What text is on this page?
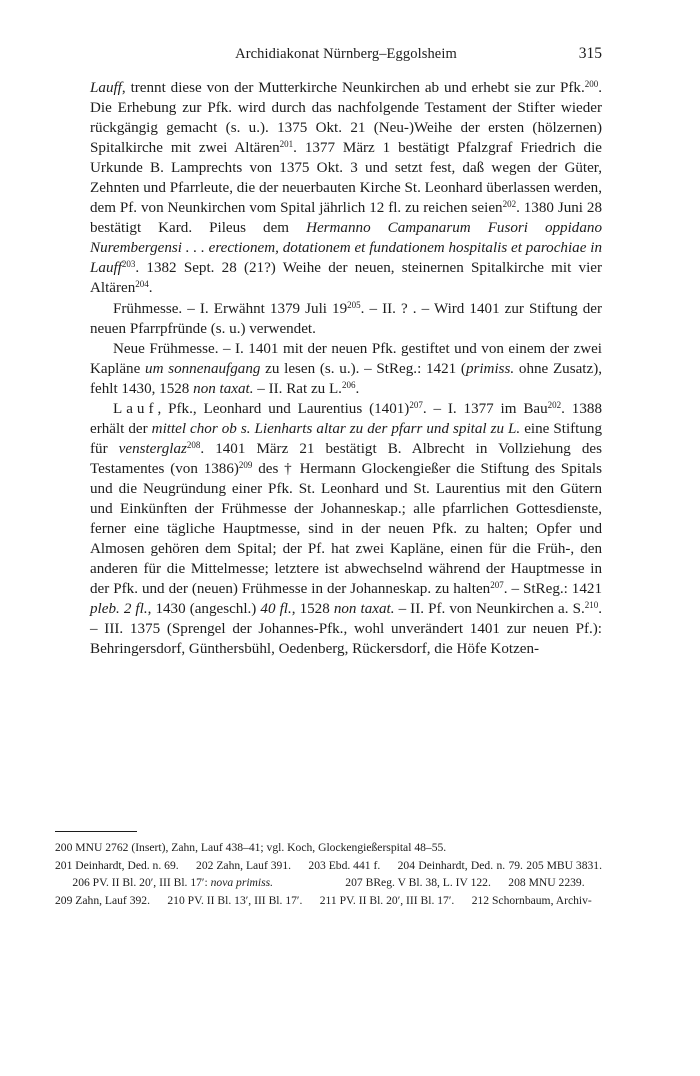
Archidiakonat Nürnberg–Eggolsheim	315

Lauff, trennt diese von der Mutterkirche Neunkirchen ab und erhebt sie zur Pfk.$^{200}$. Die Erhebung zur Pfk. wird durch das nachfolgende Testament der Stifter wieder rückgängig gemacht (s. u.). 1375 Okt. 21 (Neu-)Weihe der ersten (hölzernen) Spitalkirche mit zwei Altären$^{201}$. 1377 März 1 bestätigt Pfalzgraf Friedrich die Urkunde B. Lamprechts von 1375 Okt. 3 und setzt fest, daß wegen der Güter, Zehnten und Pfarrleute, die der neuerbauten Kirche St. Leonhard überlassen werden, dem Pf. von Neunkirchen vom Spital jährlich 12 fl. zu reichen seien$^{202}$. 1380 Juni 28 bestätigt Kard. Pileus dem Hermanno Campanarum Fusori oppidano Nurembergensi . . . erectionem, dotationem et fundationem hospitalis et parochiae in Lauff$^{203}$. 1382 Sept. 28 (21?) Weihe der neuen, steinernen Spitalkirche mit vier Altären$^{204}$.

Frühmesse. – I. Erwähnt 1379 Juli $19^{205}$. – II. ? . – Wird 1401 zur Stiftung der neuen Pfarrpfründe (s. u.) verwendet.

Neue Frühmesse. – I. 1401 mit der neuen Pfk. gestiftet und von einem der zwei Kapläne um sonnenaufgang zu lesen (s. u.). – StReg.: 1421 (primiss. ohne Zusatz), fehlt 1430, 1528 non taxat. – II. Rat zu L.$^{206}$.

Lauf, Pfk., Leonhard und Laurentius $(1401)^{207}$. – I. 1377 im Bau$^{202}$. 1388 erhält der mittel chor ob s. Lienharts altar zu der pfarr und spital zu L. eine Stiftung für vensterglaz$^{208}$. 1401 März 21 bestätigt B. Albrecht in Vollziehung des Testamentes (von 1386)$^{209}$ des † Hermann Glockengießer die Stiftung des Spitals und die Neugründung einer Pfk. St. Leonhard und St. Laurentius mit den Gütern und Einkünften der Frühmesse der Johanneskap.; alle pfarrlichen Gottesdienste, ferner eine tägliche Hauptmesse, sind in der neuen Pfk. zu halten; Opfer und Almosen gehören dem Spital; der Pf. hat zwei Kapläne, einen für die Früh-, den anderen für die Mittelmesse; letztere ist abwechselnd während der Hauptmesse in der Pfk. und der (neuen) Frühmesse in der Johanneskap. zu halten$^{207}$. – StReg.: 1421 pleb. 2 fl., 1430 (angeschl.) 40 fl., 1528 non taxat. – II. Pf. von Neunkirchen a. S.$^{210}$. – III. 1375 (Sprengel der Johannes-Pfk., wohl unverändert 1401 zur neuen Pf.): Behringersdorf, Günthersbühl, Oedenberg, Rückersdorf, die Höfe Kotzen-

200 MNU 2762 (Insert), Zahn, Lauf 438–41; vgl. Koch, Glockengießerspital 48–55.

201 Deinhardt, Ded. n. 69.    202 Zahn, Lauf 391.    203 Ebd. 441 f.    204 Deinhardt, Ded. n. 79. 205 MBU 3831.   206 PV. II Bl. 20′, III Bl. 17′: nova primiss.	207 BReg. V Bl. 38, L. IV 122.    208 MNU 2239.   209 Zahn, Lauf 392.    210 PV. II Bl. 13′, III Bl. 17′.    211 PV. II Bl. 20′, III Bl. 17′.    212 Schornbaum, Archiv-
